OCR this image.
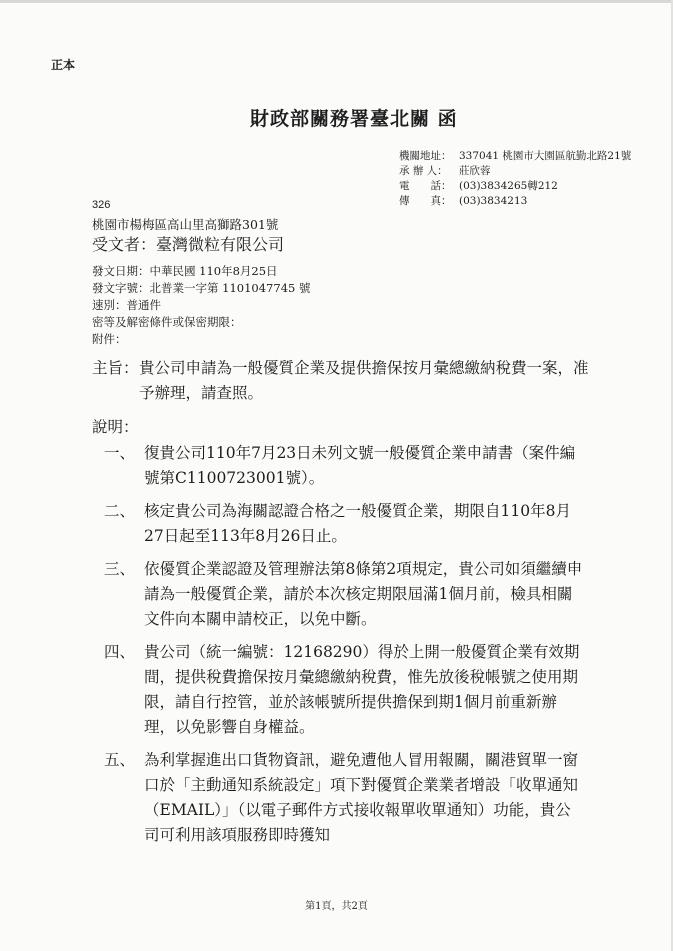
正本
財政部關務署臺北關 函
機關地址： 337041 桃園市大園區航勤北路21號
承 辦 人：	莊欣蓉
電　　話： (03)3834265轉212
傳　　真： (03)3834213
326
桃園市楊梅區高山里高獅路301號
受文者：臺灣微粒有限公司
發文日期： 中華民國 110年8月25日
發文字號： 北普業一字第 1101047745 號
速別： 普通件
密等及解密條件或保密期限：
附件：
主旨： 貴公司申請為一般優質企業及提供擔保按月彙總繳納稅費一案，准予辦理，請查照。
說明：
一、 復貴公司110年7月23日未列文號一般優質企業申請書（案件編號第C1100723001號）。
二、 核定貴公司為海關認證合格之一般優質企業，期限自110年8月27日起至113年8月26日止。
三、 依優質企業認證及管理辦法第8條第2項規定，貴公司如須繼續申請為一般優質企業，請於本次核定期限屆滿1個月前，檢具相關文件向本關申請校正，以免中斷。
四、 貴公司（統一編號：12168290）得於上開一般優質企業有效期間，提供稅費擔保按月彙總繳納稅費，惟先放後稅帳號之使用期限，請自行控管，並於該帳號所提供擔保到期1個月前重新辦理，以免影響自身權益。
五、 為利掌握進出口貨物資訊，避免遭他人冒用報關，關港貿單一窗口於「主動通知系統設定」項下對優質企業業者增設「收單通知（EMAIL）」（以電子郵件方式接收報單收單通知）功能，貴公司可利用該項服務即時獲知
第1頁，共2頁
